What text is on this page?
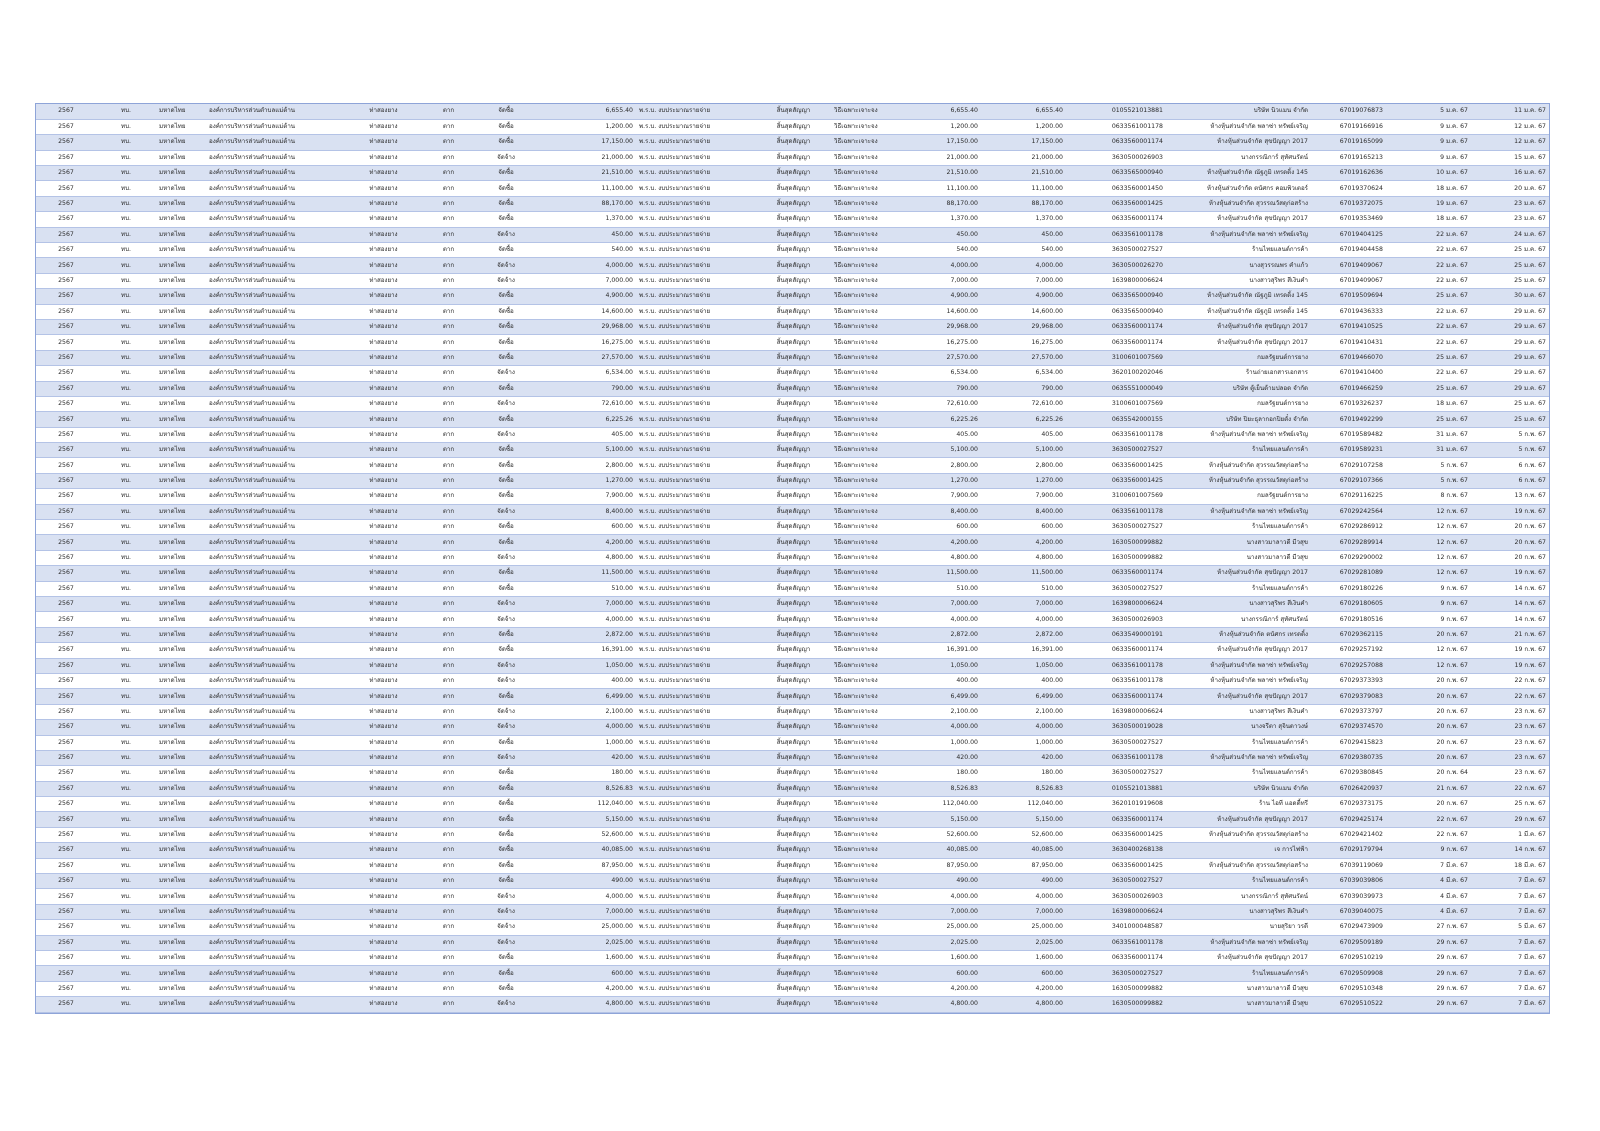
2567	ทบ.	มหาดไทย	องค์การบริหารส่วนตำบลแม่ต้าน	ท่าสองยาง	ตาก	จัดซื้อ	6,655.40	พ.ร.บ. งบประมาณรายจ่าย	สิ้นสุดสัญญา	วิธีเฉพาะเจาะจง	6,655.40	6,655.40	0105521013881	บริษัท นิวแมน จำกัด	67019076873	5 ม.ค. 67	11 ม.ค. 67
2567	ทบ.	มหาดไทย	องค์การบริหารส่วนตำบลแม่ต้าน	ท่าสองยาง	ตาก	จัดซื้อ	1,200.00	พ.ร.บ. งบประมาณรายจ่าย	สิ้นสุดสัญญา	วิธีเฉพาะเจาะจง	1,200.00	1,200.00	0633561001178	ห้างหุ้นส่วนจำกัด พลาซ่า ทรัพย์เจริญ	67019166916	9 ม.ค. 67	12 ม.ค. 67
2567	ทบ.	มหาดไทย	องค์การบริหารส่วนตำบลแม่ต้าน	ท่าสองยาง	ตาก	จัดซื้อ	17,150.00	พ.ร.บ. งบประมาณรายจ่าย	สิ้นสุดสัญญา	วิธีเฉพาะเจาะจง	17,150.00	17,150.00	0633560001174	ห้างหุ้นส่วนจำกัด สุขปัญญา 2017	67019165099	9 ม.ค. 67	12 ม.ค. 67
2567	ทบ.	มหาดไทย	องค์การบริหารส่วนตำบลแม่ต้าน	ท่าสองยาง	ตาก	จัดจ้าง	21,000.00	พ.ร.บ. งบประมาณรายจ่าย	สิ้นสุดสัญญา	วิธีเฉพาะเจาะจง	21,000.00	21,000.00	3630500026903	นางกรรณิการ์ สุทัศนรัตน์	67019165213	9 ม.ค. 67	15 ม.ค. 67
2567	ทบ.	มหาดไทย	องค์การบริหารส่วนตำบลแม่ต้าน	ท่าสองยาง	ตาก	จัดซื้อ	21,510.00	พ.ร.บ. งบประมาณรายจ่าย	สิ้นสุดสัญญา	วิธีเฉพาะเจาะจง	21,510.00	21,510.00	0633565000940	ห้างหุ้นส่วนจำกัด ณัฐภูมิ เทรดดิ้ง 145	67019162636	10 ม.ค. 67	16 ม.ค. 67
2567	ทบ.	มหาดไทย	องค์การบริหารส่วนตำบลแม่ต้าน	ท่าสองยาง	ตาก	จัดซื้อ	11,100.00	พ.ร.บ. งบประมาณรายจ่าย	สิ้นสุดสัญญา	วิธีเฉพาะเจาะจง	11,100.00	11,100.00	0633560001450	ห้างหุ้นส่วนจำกัด ตนัศกร คอมพิวเตอร์	67019370624	18 ม.ค. 67	20 ม.ค. 67
2567	ทบ.	มหาดไทย	องค์การบริหารส่วนตำบลแม่ต้าน	ท่าสองยาง	ตาก	จัดซื้อ	88,170.00	พ.ร.บ. งบประมาณรายจ่าย	สิ้นสุดสัญญา	วิธีเฉพาะเจาะจง	88,170.00	88,170.00	0633560001425	ห้างหุ้นส่วนจำกัด สุวรรณวัสดุก่อสร้าง	67019372075	19 ม.ค. 67	23 ม.ค. 67
2567	ทบ.	มหาดไทย	องค์การบริหารส่วนตำบลแม่ต้าน	ท่าสองยาง	ตาก	จัดซื้อ	1,370.00	พ.ร.บ. งบประมาณรายจ่าย	สิ้นสุดสัญญา	วิธีเฉพาะเจาะจง	1,370.00	1,370.00	0633560001174	ห้างหุ้นส่วนจำกัด สุขปัญญา 2017	67019353469	18 ม.ค. 67	23 ม.ค. 67
2567	ทบ.	มหาดไทย	องค์การบริหารส่วนตำบลแม่ต้าน	ท่าสองยาง	ตาก	จัดจ้าง	450.00	พ.ร.บ. งบประมาณรายจ่าย	สิ้นสุดสัญญา	วิธีเฉพาะเจาะจง	450.00	450.00	0633561001178	ห้างหุ้นส่วนจำกัด พลาซ่า ทรัพย์เจริญ	67019404125	22 ม.ค. 67	24 ม.ค. 67
2567	ทบ.	มหาดไทย	องค์การบริหารส่วนตำบลแม่ต้าน	ท่าสองยาง	ตาก	จัดซื้อ	540.00	พ.ร.บ. งบประมาณรายจ่าย	สิ้นสุดสัญญา	วิธีเฉพาะเจาะจง	540.00	540.00	3630500027527	ร้านไทยแลนด์การค้า	67019404458	22 ม.ค. 67	25 ม.ค. 67
2567	ทบ.	มหาดไทย	องค์การบริหารส่วนตำบลแม่ต้าน	ท่าสองยาง	ตาก	จัดจ้าง	4,000.00	พ.ร.บ. งบประมาณรายจ่าย	สิ้นสุดสัญญา	วิธีเฉพาะเจาะจง	4,000.00	4,000.00	3630500026270	นางสุวรรณพร คำแก้ว	67019409067	22 ม.ค. 67	25 ม.ค. 67
2567	ทบ.	มหาดไทย	องค์การบริหารส่วนตำบลแม่ต้าน	ท่าสองยาง	ตาก	จัดจ้าง	7,000.00	พ.ร.บ. งบประมาณรายจ่าย	สิ้นสุดสัญญา	วิธีเฉพาะเจาะจง	7,000.00	7,000.00	1639800006624	นางสาวสุริพร สีเงินคำ	67019409067	22 ม.ค. 67	25 ม.ค. 67
2567	ทบ.	มหาดไทย	องค์การบริหารส่วนตำบลแม่ต้าน	ท่าสองยาง	ตาก	จัดซื้อ	4,900.00	พ.ร.บ. งบประมาณรายจ่าย	สิ้นสุดสัญญา	วิธีเฉพาะเจาะจง	4,900.00	4,900.00	0633565000940	ห้างหุ้นส่วนจำกัด ณัฐภูมิ เทรดดิ้ง 145	67019509694	25 ม.ค. 67	30 ม.ค. 67
2567	ทบ.	มหาดไทย	องค์การบริหารส่วนตำบลแม่ต้าน	ท่าสองยาง	ตาก	จัดซื้อ	14,600.00	พ.ร.บ. งบประมาณรายจ่าย	สิ้นสุดสัญญา	วิธีเฉพาะเจาะจง	14,600.00	14,600.00	0633565000940	ห้างหุ้นส่วนจำกัด ณัฐภูมิ เทรดดิ้ง 145	67019436333	22 ม.ค. 67	29 ม.ค. 67
2567	ทบ.	มหาดไทย	องค์การบริหารส่วนตำบลแม่ต้าน	ท่าสองยาง	ตาก	จัดซื้อ	29,968.00	พ.ร.บ. งบประมาณรายจ่าย	สิ้นสุดสัญญา	วิธีเฉพาะเจาะจง	29,968.00	29,968.00	0633560001174	ห้างหุ้นส่วนจำกัด สุขปัญญา 2017	67019410525	22 ม.ค. 67	29 ม.ค. 67
2567	ทบ.	มหาดไทย	องค์การบริหารส่วนตำบลแม่ต้าน	ท่าสองยาง	ตาก	จัดซื้อ	16,275.00	พ.ร.บ. งบประมาณรายจ่าย	สิ้นสุดสัญญา	วิธีเฉพาะเจาะจง	16,275.00	16,275.00	0633560001174	ห้างหุ้นส่วนจำกัด สุขปัญญา 2017	67019410431	22 ม.ค. 67	29 ม.ค. 67
2567	ทบ.	มหาดไทย	องค์การบริหารส่วนตำบลแม่ต้าน	ท่าสองยาง	ตาก	จัดซื้อ	27,570.00	พ.ร.บ. งบประมาณรายจ่าย	สิ้นสุดสัญญา	วิธีเฉพาะเจาะจง	27,570.00	27,570.00	3100601007569	กมลรัฐยนต์การยาง	67019466070	25 ม.ค. 67	29 ม.ค. 67
2567	ทบ.	มหาดไทย	องค์การบริหารส่วนตำบลแม่ต้าน	ท่าสองยาง	ตาก	จัดจ้าง	6,534.00	พ.ร.บ. งบประมาณรายจ่าย	สิ้นสุดสัญญา	วิธีเฉพาะเจาะจง	6,534.00	6,534.00	3620100202046	ร้านถ่ายเอกสารเอกสาร	67019410400	22 ม.ค. 67	29 ม.ค. 67
2567	ทบ.	มหาดไทย	องค์การบริหารส่วนตำบลแม่ต้าน	ท่าสองยาง	ตาก	จัดซื้อ	790.00	พ.ร.บ. งบประมาณรายจ่าย	สิ้นสุดสัญญา	วิธีเฉพาะเจาะจง	790.00	790.00	0635551000049	บริษัท ตู้เย็นด้ามปลอด จำกัด	67019466259	25 ม.ค. 67	29 ม.ค. 67
2567	ทบ.	มหาดไทย	องค์การบริหารส่วนตำบลแม่ต้าน	ท่าสองยาง	ตาก	จัดจ้าง	72,610.00	พ.ร.บ. งบประมาณรายจ่าย	สิ้นสุดสัญญา	วิธีเฉพาะเจาะจง	72,610.00	72,610.00	3100601007569	กมลรัฐยนต์การยาง	67019326237	18 ม.ค. 67	25 ม.ค. 67
2567	ทบ.	มหาดไทย	องค์การบริหารส่วนตำบลแม่ต้าน	ท่าสองยาง	ตาก	จัดซื้อ	6,225.26	พ.ร.บ. งบประมาณรายจ่าย	สิ้นสุดสัญญา	วิธีเฉพาะเจาะจง	6,225.26	6,225.26	0635542000155	บริษัท ปิยะธุลากอกปิยตั๋ง จำกัด	67019492299	25 ม.ค. 67	25 ม.ค. 67
2567	ทบ.	มหาดไทย	องค์การบริหารส่วนตำบลแม่ต้าน	ท่าสองยาง	ตาก	จัดจ้าง	405.00	พ.ร.บ. งบประมาณรายจ่าย	สิ้นสุดสัญญา	วิธีเฉพาะเจาะจง	405.00	405.00	0633561001178	ห้างหุ้นส่วนจำกัด พลาซ่า ทรัพย์เจริญ	67019589482	31 ม.ค. 67	5 ก.พ. 67
2567	ทบ.	มหาดไทย	องค์การบริหารส่วนตำบลแม่ต้าน	ท่าสองยาง	ตาก	จัดซื้อ	5,100.00	พ.ร.บ. งบประมาณรายจ่าย	สิ้นสุดสัญญา	วิธีเฉพาะเจาะจง	5,100.00	5,100.00	3630500027527	ร้านไทยแลนด์การค้า	67019589231	31 ม.ค. 67	5 ก.พ. 67
2567	ทบ.	มหาดไทย	องค์การบริหารส่วนตำบลแม่ต้าน	ท่าสองยาง	ตาก	จัดซื้อ	2,800.00	พ.ร.บ. งบประมาณรายจ่าย	สิ้นสุดสัญญา	วิธีเฉพาะเจาะจง	2,800.00	2,800.00	0633560001425	ห้างหุ้นส่วนจำกัด สุวรรณวัสดุก่อสร้าง	67029107258	5 ก.พ. 67	6 ก.พ. 67
2567	ทบ.	มหาดไทย	องค์การบริหารส่วนตำบลแม่ต้าน	ท่าสองยาง	ตาก	จัดซื้อ	1,270.00	พ.ร.บ. งบประมาณรายจ่าย	สิ้นสุดสัญญา	วิธีเฉพาะเจาะจง	1,270.00	1,270.00	0633560001425	ห้างหุ้นส่วนจำกัด สุวรรณวัสดุก่อสร้าง	67029107366	5 ก.พ. 67	6 ก.พ. 67
2567	ทบ.	มหาดไทย	องค์การบริหารส่วนตำบลแม่ต้าน	ท่าสองยาง	ตาก	จัดซื้อ	7,900.00	พ.ร.บ. งบประมาณรายจ่าย	สิ้นสุดสัญญา	วิธีเฉพาะเจาะจง	7,900.00	7,900.00	3100601007569	กมลรัฐยนต์การยาง	67029116225	8 ก.พ. 67	13 ก.พ. 67
2567	ทบ.	มหาดไทย	องค์การบริหารส่วนตำบลแม่ต้าน	ท่าสองยาง	ตาก	จัดจ้าง	8,400.00	พ.ร.บ. งบประมาณรายจ่าย	สิ้นสุดสัญญา	วิธีเฉพาะเจาะจง	8,400.00	8,400.00	0633561001178	ห้างหุ้นส่วนจำกัด พลาซ่า ทรัพย์เจริญ	67029242564	12 ก.พ. 67	19 ก.พ. 67
2567	ทบ.	มหาดไทย	องค์การบริหารส่วนตำบลแม่ต้าน	ท่าสองยาง	ตาก	จัดซื้อ	600.00	พ.ร.บ. งบประมาณรายจ่าย	สิ้นสุดสัญญา	วิธีเฉพาะเจาะจง	600.00	600.00	3630500027527	ร้านไทยแลนด์การค้า	67029286912	12 ก.พ. 67	20 ก.พ. 67
2567	ทบ.	มหาดไทย	องค์การบริหารส่วนตำบลแม่ต้าน	ท่าสองยาง	ตาก	จัดซื้อ	4,200.00	พ.ร.บ. งบประมาณรายจ่าย	สิ้นสุดสัญญา	วิธีเฉพาะเจาะจง	4,200.00	4,200.00	1630500099882	นางสาวมาลาวดี มีวสุข	67029289914	12 ก.พ. 67	20 ก.พ. 67
2567	ทบ.	มหาดไทย	องค์การบริหารส่วนตำบลแม่ต้าน	ท่าสองยาง	ตาก	จัดจ้าง	4,800.00	พ.ร.บ. งบประมาณรายจ่าย	สิ้นสุดสัญญา	วิธีเฉพาะเจาะจง	4,800.00	4,800.00	1630500099882	นางสาวมาลาวดี มีวสุข	67029290002	12 ก.พ. 67	20 ก.พ. 67
2567	ทบ.	มหาดไทย	องค์การบริหารส่วนตำบลแม่ต้าน	ท่าสองยาง	ตาก	จัดซื้อ	11,500.00	พ.ร.บ. งบประมาณรายจ่าย	สิ้นสุดสัญญา	วิธีเฉพาะเจาะจง	11,500.00	11,500.00	0633560001174	ห้างหุ้นส่วนจำกัด สุขปัญญา 2017	67029281089	12 ก.พ. 67	19 ก.พ. 67
2567	ทบ.	มหาดไทย	องค์การบริหารส่วนตำบลแม่ต้าน	ท่าสองยาง	ตาก	จัดซื้อ	510.00	พ.ร.บ. งบประมาณรายจ่าย	สิ้นสุดสัญญา	วิธีเฉพาะเจาะจง	510.00	510.00	3630500027527	ร้านไทยแลนด์การค้า	67029180226	9 ก.พ. 67	14 ก.พ. 67
2567	ทบ.	มหาดไทย	องค์การบริหารส่วนตำบลแม่ต้าน	ท่าสองยาง	ตาก	จัดจ้าง	7,000.00	พ.ร.บ. งบประมาณรายจ่าย	สิ้นสุดสัญญา	วิธีเฉพาะเจาะจง	7,000.00	7,000.00	1639800006624	นางสาวสุริพร สีเงินคำ	67029180605	9 ก.พ. 67	14 ก.พ. 67
2567	ทบ.	มหาดไทย	องค์การบริหารส่วนตำบลแม่ต้าน	ท่าสองยาง	ตาก	จัดจ้าง	4,000.00	พ.ร.บ. งบประมาณรายจ่าย	สิ้นสุดสัญญา	วิธีเฉพาะเจาะจง	4,000.00	4,000.00	3630500026903	นางกรรณิการ์ สุทัศนรัตน์	67029180516	9 ก.พ. 67	14 ก.พ. 67
2567	ทบ.	มหาดไทย	องค์การบริหารส่วนตำบลแม่ต้าน	ท่าสองยาง	ตาก	จัดซื้อ	2,872.00	พ.ร.บ. งบประมาณรายจ่าย	สิ้นสุดสัญญา	วิธีเฉพาะเจาะจง	2,872.00	2,872.00	0633549000191	ห้างหุ้นส่วนจำกัด ตนัศกร เทรดดิ้ง	67029362115	20 ก.พ. 67	21 ก.พ. 67
2567	ทบ.	มหาดไทย	องค์การบริหารส่วนตำบลแม่ต้าน	ท่าสองยาง	ตาก	จัดซื้อ	16,391.00	พ.ร.บ. งบประมาณรายจ่าย	สิ้นสุดสัญญา	วิธีเฉพาะเจาะจง	16,391.00	16,391.00	0633560001174	ห้างหุ้นส่วนจำกัด สุขปัญญา 2017	67029257192	12 ก.พ. 67	19 ก.พ. 67
2567	ทบ.	มหาดไทย	องค์การบริหารส่วนตำบลแม่ต้าน	ท่าสองยาง	ตาก	จัดจ้าง	1,050.00	พ.ร.บ. งบประมาณรายจ่าย	สิ้นสุดสัญญา	วิธีเฉพาะเจาะจง	1,050.00	1,050.00	0633561001178	ห้างหุ้นส่วนจำกัด พลาซ่า ทรัพย์เจริญ	67029257088	12 ก.พ. 67	19 ก.พ. 67
2567	ทบ.	มหาดไทย	องค์การบริหารส่วนตำบลแม่ต้าน	ท่าสองยาง	ตาก	จัดจ้าง	400.00	พ.ร.บ. งบประมาณรายจ่าย	สิ้นสุดสัญญา	วิธีเฉพาะเจาะจง	400.00	400.00	0633561001178	ห้างหุ้นส่วนจำกัด พลาซ่า ทรัพย์เจริญ	67029373393	20 ก.พ. 67	22 ก.พ. 67
2567	ทบ.	มหาดไทย	องค์การบริหารส่วนตำบลแม่ต้าน	ท่าสองยาง	ตาก	จัดซื้อ	6,499.00	พ.ร.บ. งบประมาณรายจ่าย	สิ้นสุดสัญญา	วิธีเฉพาะเจาะจง	6,499.00	6,499.00	0633560001174	ห้างหุ้นส่วนจำกัด สุขปัญญา 2017	67029379083	20 ก.พ. 67	22 ก.พ. 67
2567	ทบ.	มหาดไทย	องค์การบริหารส่วนตำบลแม่ต้าน	ท่าสองยาง	ตาก	จัดจ้าง	2,100.00	พ.ร.บ. งบประมาณรายจ่าย	สิ้นสุดสัญญา	วิธีเฉพาะเจาะจง	2,100.00	2,100.00	1639800006624	นางสาวสุริพร สีเงินคำ	67029373797	20 ก.พ. 67	23 ก.พ. 67
2567	ทบ.	มหาดไทย	องค์การบริหารส่วนตำบลแม่ต้าน	ท่าสองยาง	ตาก	จัดจ้าง	4,000.00	พ.ร.บ. งบประมาณรายจ่าย	สิ้นสุดสัญญา	วิธีเฉพาะเจาะจง	4,000.00	4,000.00	3630500019028	นางจรีตา สุจินดาวงษ์	67029374570	20 ก.พ. 67	23 ก.พ. 67
2567	ทบ.	มหาดไทย	องค์การบริหารส่วนตำบลแม่ต้าน	ท่าสองยาง	ตาก	จัดซื้อ	1,000.00	พ.ร.บ. งบประมาณรายจ่าย	สิ้นสุดสัญญา	วิธีเฉพาะเจาะจง	1,000.00	1,000.00	3630500027527	ร้านไทยแลนด์การค้า	67029415823	20 ก.พ. 67	23 ก.พ. 67
2567	ทบ.	มหาดไทย	องค์การบริหารส่วนตำบลแม่ต้าน	ท่าสองยาง	ตาก	จัดจ้าง	420.00	พ.ร.บ. งบประมาณรายจ่าย	สิ้นสุดสัญญา	วิธีเฉพาะเจาะจง	420.00	420.00	0633561001178	ห้างหุ้นส่วนจำกัด พลาซ่า ทรัพย์เจริญ	67029380735	20 ก.พ. 67	23 ก.พ. 67
2567	ทบ.	มหาดไทย	องค์การบริหารส่วนตำบลแม่ต้าน	ท่าสองยาง	ตาก	จัดซื้อ	180.00	พ.ร.บ. งบประมาณรายจ่าย	สิ้นสุดสัญญา	วิธีเฉพาะเจาะจง	180.00	180.00	3630500027527	ร้านไทยแลนด์การค้า	67029380845	20 ก.พ. 64	23 ก.พ. 67
2567	ทบ.	มหาดไทย	องค์การบริหารส่วนตำบลแม่ต้าน	ท่าสองยาง	ตาก	จัดซื้อ	8,526.83	พ.ร.บ. งบประมาณรายจ่าย	สิ้นสุดสัญญา	วิธีเฉพาะเจาะจง	8,526.83	8,526.83	0105521013881	บริษัท นิวแมน จำกัด	67026420937	21 ก.พ. 67	22 ก.พ. 67
2567	ทบ.	มหาดไทย	องค์การบริหารส่วนตำบลแม่ต้าน	ท่าสองยาง	ตาก	จัดซื้อ	112,040.00	พ.ร.บ. งบประมาณรายจ่าย	สิ้นสุดสัญญา	วิธีเฉพาะเจาะจง	112,040.00	112,040.00	3620101919608	ร้าน ไอที แอดดี้ทรี	67029373175	20 ก.พ. 67	25 ก.พ. 67
2567	ทบ.	มหาดไทย	องค์การบริหารส่วนตำบลแม่ต้าน	ท่าสองยาง	ตาก	จัดซื้อ	5,150.00	พ.ร.บ. งบประมาณรายจ่าย	สิ้นสุดสัญญา	วิธีเฉพาะเจาะจง	5,150.00	5,150.00	0633560001174	ห้างหุ้นส่วนจำกัด สุขปัญญา 2017	67029425174	22 ก.พ. 67	29 ก.พ. 67
2567	ทบ.	มหาดไทย	องค์การบริหารส่วนตำบลแม่ต้าน	ท่าสองยาง	ตาก	จัดซื้อ	52,600.00	พ.ร.บ. งบประมาณรายจ่าย	สิ้นสุดสัญญา	วิธีเฉพาะเจาะจง	52,600.00	52,600.00	0633560001425	ห้างหุ้นส่วนจำกัด สุวรรณวัสดุก่อสร้าง	67029421402	22 ก.พ. 67	1 มี.ค. 67
2567	ทบ.	มหาดไทย	องค์การบริหารส่วนตำบลแม่ต้าน	ท่าสองยาง	ตาก	จัดซื้อ	40,085.00	พ.ร.บ. งบประมาณรายจ่าย	สิ้นสุดสัญญา	วิธีเฉพาะเจาะจง	40,085.00	40,085.00	3630400268138	เจ การไฟฟ้า	67029179794	9 ก.พ. 67	14 ก.พ. 67
2567	ทบ.	มหาดไทย	องค์การบริหารส่วนตำบลแม่ต้าน	ท่าสองยาง	ตาก	จัดซื้อ	87,950.00	พ.ร.บ. งบประมาณรายจ่าย	สิ้นสุดสัญญา	วิธีเฉพาะเจาะจง	87,950.00	87,950.00	0633560001425	ห้างหุ้นส่วนจำกัด สุวรรณวัสดุก่อสร้าง	67039119069	7 มี.ค. 67	18 มี.ค. 67
2567	ทบ.	มหาดไทย	องค์การบริหารส่วนตำบลแม่ต้าน	ท่าสองยาง	ตาก	จัดซื้อ	490.00	พ.ร.บ. งบประมาณรายจ่าย	สิ้นสุดสัญญา	วิธีเฉพาะเจาะจง	490.00	490.00	3630500027527	ร้านไทยแลนด์การค้า	67039039806	4 มี.ค. 67	7 มี.ค. 67
2567	ทบ.	มหาดไทย	องค์การบริหารส่วนตำบลแม่ต้าน	ท่าสองยาง	ตาก	จัดจ้าง	4,000.00	พ.ร.บ. งบประมาณรายจ่าย	สิ้นสุดสัญญา	วิธีเฉพาะเจาะจง	4,000.00	4,000.00	3630500026903	นางกรรณิการ์ สุทัศนรัตน์	67039039973	4 มี.ค. 67	7 มี.ค. 67
2567	ทบ.	มหาดไทย	องค์การบริหารส่วนตำบลแม่ต้าน	ท่าสองยาง	ตาก	จัดจ้าง	7,000.00	พ.ร.บ. งบประมาณรายจ่าย	สิ้นสุดสัญญา	วิธีเฉพาะเจาะจง	7,000.00	7,000.00	1639800006624	นางสาวสุริพร สีเงินคำ	67039040075	4 มี.ค. 67	7 มี.ค. 67
2567	ทบ.	มหาดไทย	องค์การบริหารส่วนตำบลแม่ต้าน	ท่าสองยาง	ตาก	จัดจ้าง	25,000.00	พ.ร.บ. งบประมาณรายจ่าย	สิ้นสุดสัญญา	วิธีเฉพาะเจาะจง	25,000.00	25,000.00	3401000048587	นายสุริยา วรดี	67029473909	27 ก.พ. 67	5 มี.ค. 67
2567	ทบ.	มหาดไทย	องค์การบริหารส่วนตำบลแม่ต้าน	ท่าสองยาง	ตาก	จัดจ้าง	2,025.00	พ.ร.บ. งบประมาณรายจ่าย	สิ้นสุดสัญญา	วิธีเฉพาะเจาะจง	2,025.00	2,025.00	0633561001178	ห้างหุ้นส่วนจำกัด พลาซ่า ทรัพย์เจริญ	67029509189	29 ก.พ. 67	7 มี.ค. 67
2567	ทบ.	มหาดไทย	องค์การบริหารส่วนตำบลแม่ต้าน	ท่าสองยาง	ตาก	จัดซื้อ	1,600.00	พ.ร.บ. งบประมาณรายจ่าย	สิ้นสุดสัญญา	วิธีเฉพาะเจาะจง	1,600.00	1,600.00	0633560001174	ห้างหุ้นส่วนจำกัด สุขปัญญา 2017	67029510219	29 ก.พ. 67	7 มี.ค. 67
2567	ทบ.	มหาดไทย	องค์การบริหารส่วนตำบลแม่ต้าน	ท่าสองยาง	ตาก	จัดซื้อ	600.00	พ.ร.บ. งบประมาณรายจ่าย	สิ้นสุดสัญญา	วิธีเฉพาะเจาะจง	600.00	600.00	3630500027527	ร้านไทยแลนด์การค้า	67029509908	29 ก.พ. 67	7 มี.ค. 67
2567	ทบ.	มหาดไทย	องค์การบริหารส่วนตำบลแม่ต้าน	ท่าสองยาง	ตาก	จัดซื้อ	4,200.00	พ.ร.บ. งบประมาณรายจ่าย	สิ้นสุดสัญญา	วิธีเฉพาะเจาะจง	4,200.00	4,200.00	1630500099882	นางสาวมาลาวดี มีวสุข	67029510348	29 ก.พ. 67	7 มี.ค. 67
2567	ทบ.	มหาดไทย	องค์การบริหารส่วนตำบลแม่ต้าน	ท่าสองยาง	ตาก	จัดจ้าง	4,800.00	พ.ร.บ. งบประมาณรายจ่าย	สิ้นสุดสัญญา	วิธีเฉพาะเจาะจง	4,800.00	4,800.00	1630500099882	นางสาวมาลาวดี มีวสุข	67029510522	29 ก.พ. 67	7 มี.ค. 67
